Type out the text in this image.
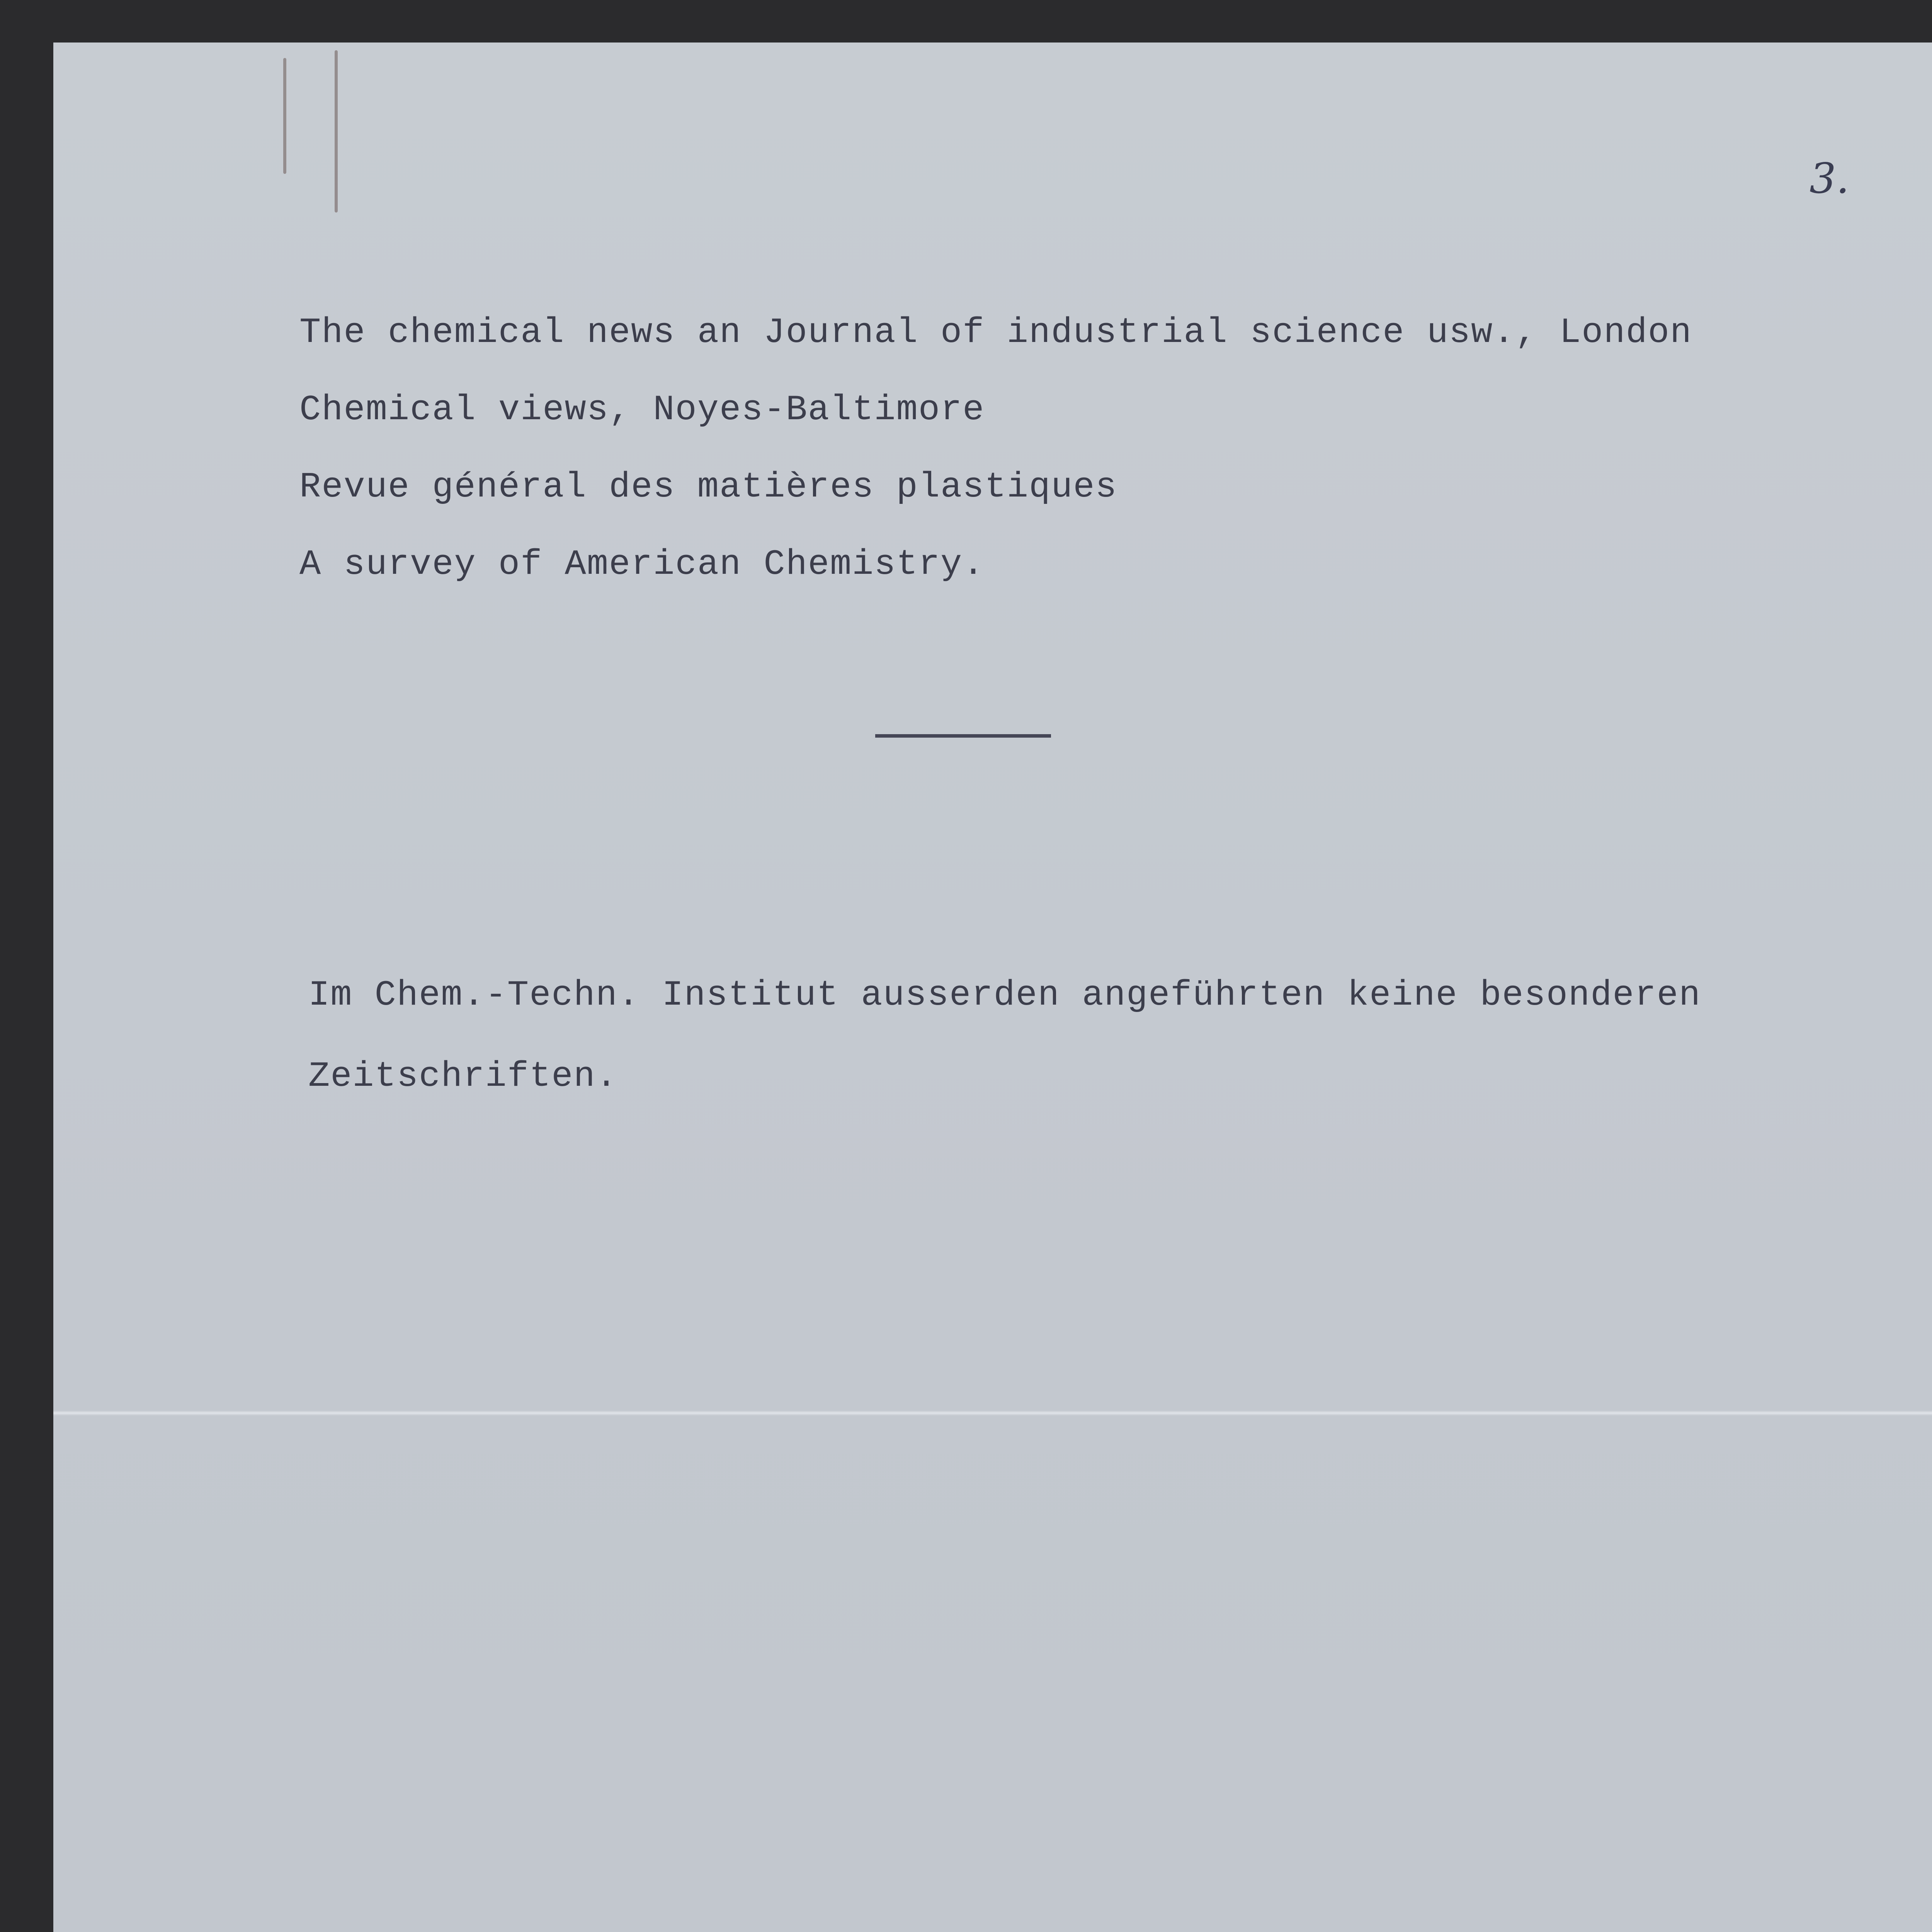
3.
The chemical news an Journal of industrial science usw., London
Chemical views, Noyes-Baltimore
Revue général des matières plastiques
A survey of American Chemistry.
Im Chem.-Techn. Institut ausserden angeführten keine besonderen
Zeitschriften.
